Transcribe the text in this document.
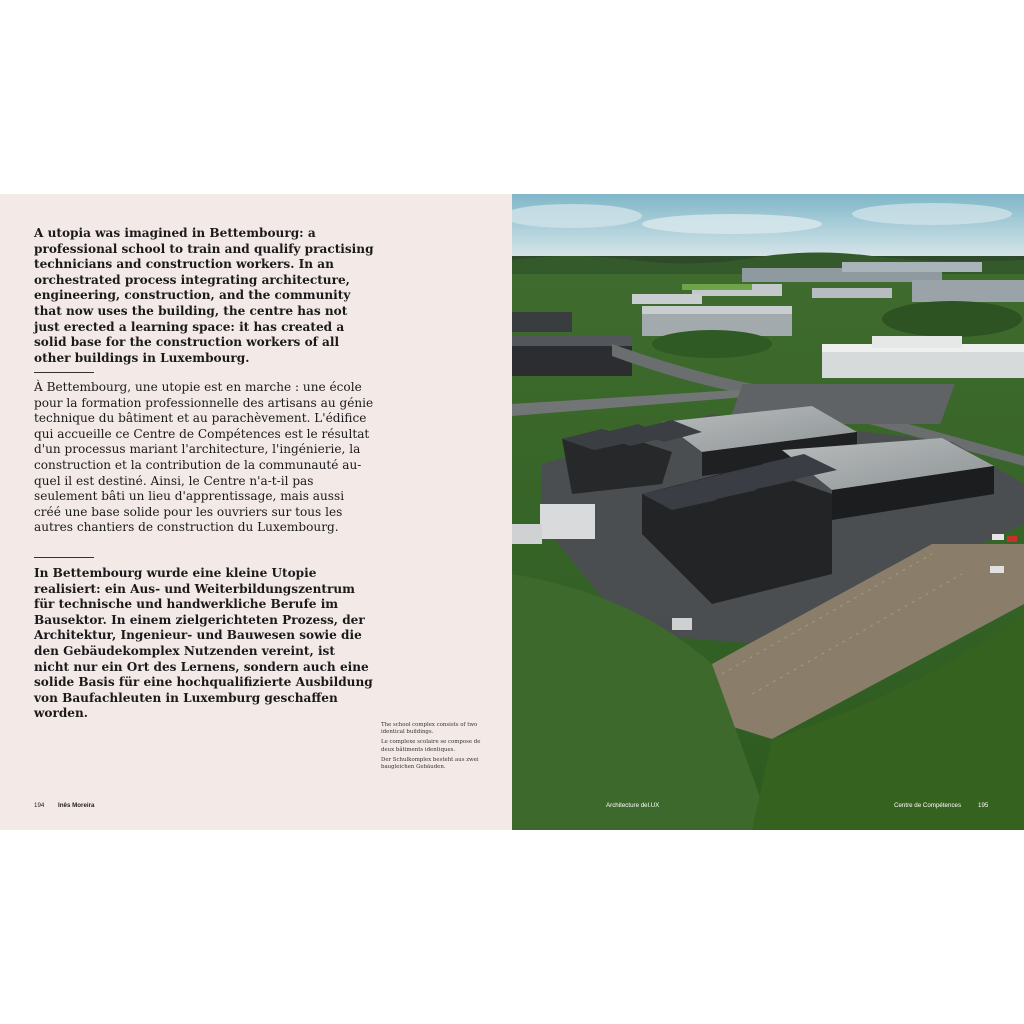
A utopia was imagined in Bettembourg: a professional school to train and qualify practising technicians and construction workers. In an orchestrated process integrating architecture, engineering, construction, and the community that now uses the building, the centre has not just erected a learning space: it has created a solid base for the construction workers of all other buildings in Luxembourg.

À Bettembourg, une utopie est en marche : une école pour la formation professionnelle des artisans au génie technique du bâtiment et au parachèvement. L'édifice qui accueille ce Centre de Compétences est le résultat d'un processus mariant l'architecture, l'ingénierie, la construction et la contribution de la communauté auquel il est destiné. Ainsi, le Centre n'a-t-il pas seulement bâti un lieu d'apprentissage, mais aussi créé une base solide pour les ouvriers sur tous les autres chantiers de construction du Luxembourg.

In Bettembourg wurde eine kleine Utopie realisiert: ein Aus- und Weiterbildungszentrum für technische und handwerkliche Berufe im Bausektor. In einem zielgerichteten Prozess, der Architektur, Ingenieur- und Bauwesen sowie die den Gebäudekomplex Nutzenden vereint, ist nicht nur ein Ort des Lernens, sondern auch eine solide Basis für eine hochqualifizierte Ausbildung von Baufachleuten in Luxemburg geschaffen worden.

The school complex consists of two identical buildings.

Le complexe scolaire se compose de deux bâtiments identiques.

Der Schulkomplex besteht aus zwei baugleichen Gebäuden.

194 Inês Moreira	Architecture del.UX	Centre de Compétences	195
